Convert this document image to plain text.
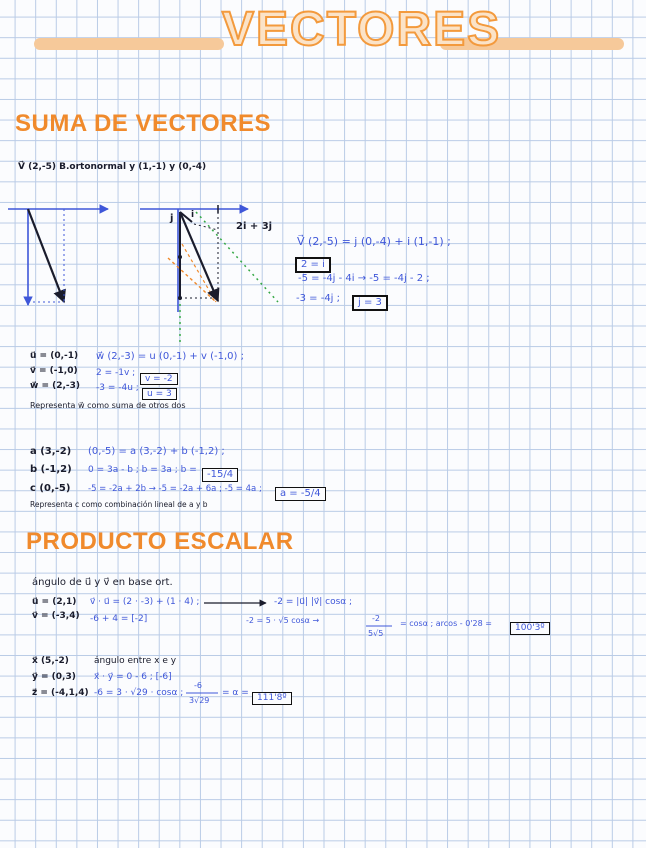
VECTORES
SUMA DE VECTORES
V⃗ (2,-5) B.ortonormal y (1,-1) y (0,-4)
j i
2i + 3j
V⃗ (2,-5) = j (0,-4) + i (1,-1) ;
2 = i
-5 = -4j - 4i → -5 = -4j - 2 ;
-3 = -4j ;	j = 3
u⃗ = (0,-1)
v⃗ = (-1,0)
w⃗ = (2,-3)
w⃗ (2,-3) = u (0,-1) + v (-1,0) ;
2 = -1v ;
v = -2
-3 = -4u ;
u = 3
Representa w⃗ como suma de otros dos
a (3,-2)
b (-1,2)
c (0,-5)
(0,-5) = a (3,-2) + b (-1,2) ;
0 = 3a - b ; b = 3a ; b =	-15/4
-5 = -2a + 2b → -5 = -2a + 6a ; -5 = 4a ;	a = -5/4
Representa c como combinación lineal de a y b
PRODUCTO ESCALAR
ángulo de u⃗ y v⃗ en base ort.
u⃗ = (2,1)
v⃗ = (-3,4)
v⃗ · u⃗ = (2 · -3) + (1 · 4) ;
-6 + 4 = [-2]
-2 = |u⃗| |v⃗| cosα ;
-2 = 5 · √5 cosα →	-2
5√5
= cosα ; arcos - 0'28 =	100'3º
x⃗ (5,-2)
y⃗ = (0,3)
z⃗ = (-4,1,4)
ángulo entre x e y
x⃗ · y⃗ = 0 - 6 ; [-6]
-6 = 3 · √29 · cosα ;
-6
3√29
= α = 111'8º
